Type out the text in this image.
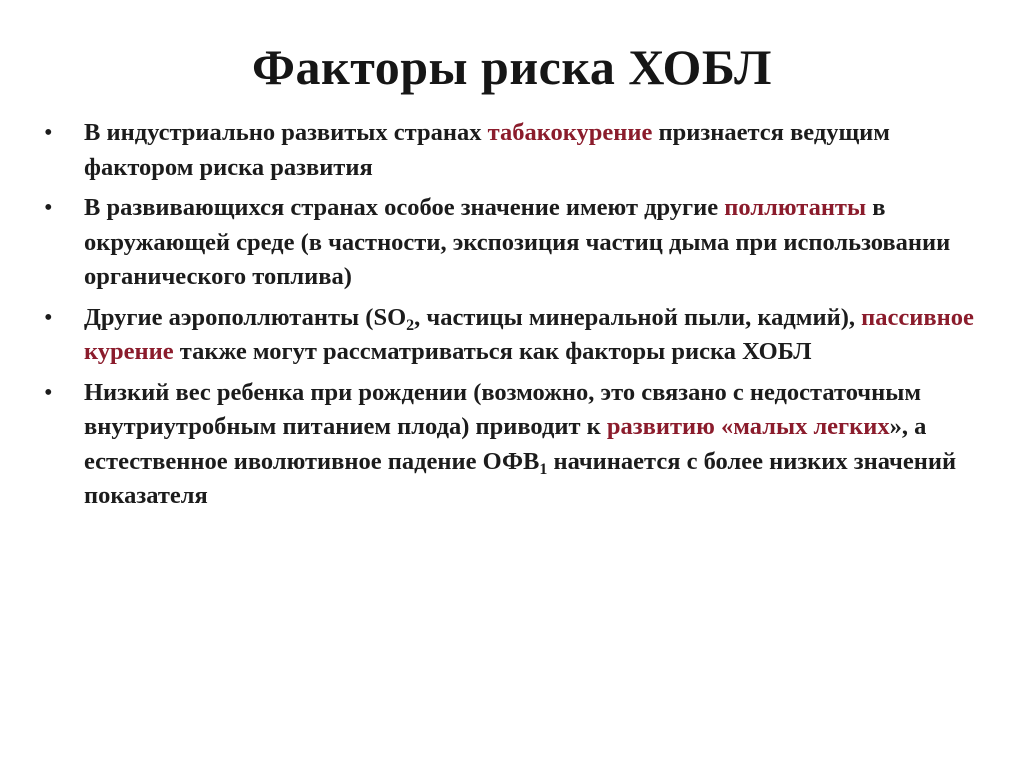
Факторы риска ХОБЛ
•	В индустриально развитых странах табакокурение признается ведущим фактором риска развития
•	В развивающихся странах особое значение имеют другие поллютанты в окружающей среде (в частности, экспозиция частиц дыма при использовании органического топлива)
•	Другие аэрополлютанты ($SO_2$, частицы минеральной пыли, кадмий), пассивное курение также могут рассматриваться как факторы риска ХОБЛ
•	Низкий вес ребенка при рождении (возможно, это связано с недостаточным внутриутробным питанием плода) приводит к развитию «малых легких», а естественное иволютивное падение $ОФВ_1$ начинается с более низких значений показателя
